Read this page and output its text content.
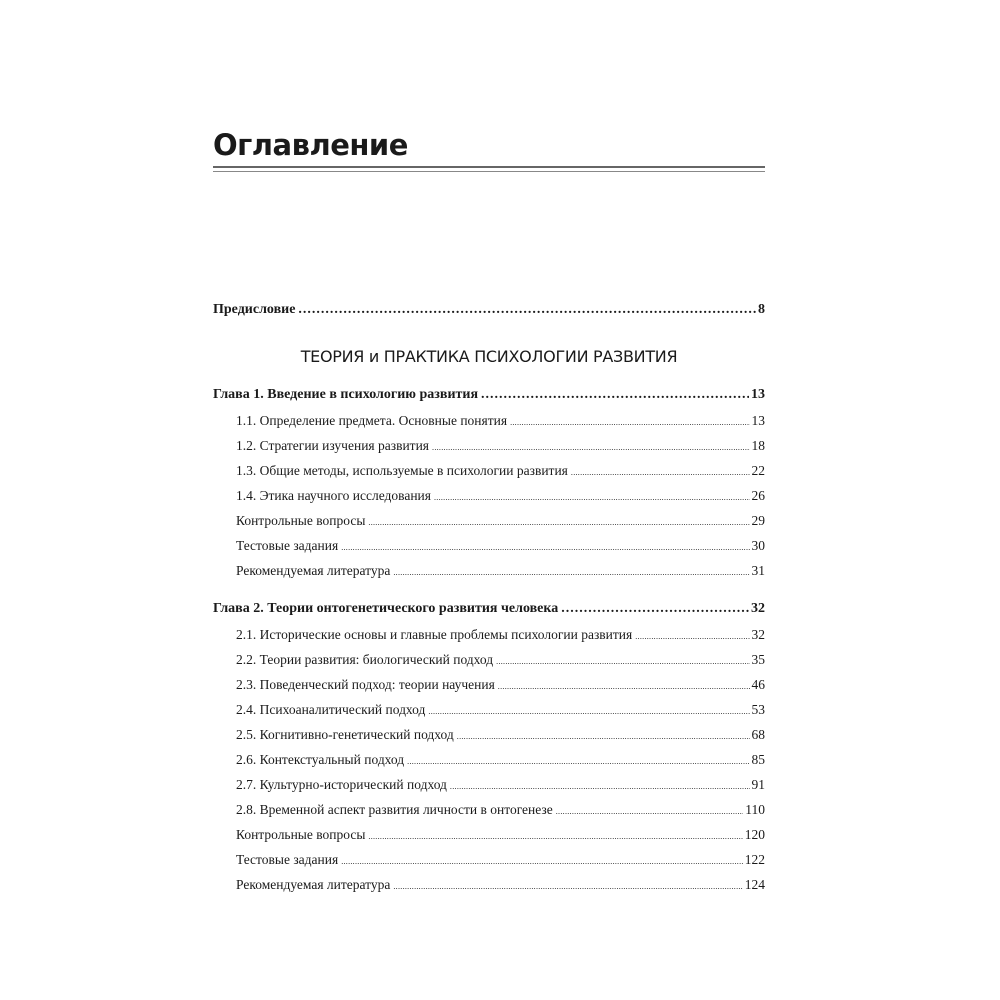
Оглавление
Предисловие .....	8
ТЕОРИЯ и ПРАКТИКА ПСИХОЛОГИИ РАЗВИТИЯ
Глава 1. Введение в психологию развития .....	13
1.1. Определение предмета. Основные понятия .....	13
1.2. Стратегии изучения развития .....	18
1.3. Общие методы, используемые в психологии развития .....	22
1.4. Этика научного исследования .....	26
Контрольные вопросы .....	29
Тестовые задания .....	30
Рекомендуемая литература .....	31
Глава 2. Теории онтогенетического развития человека .....	32
2.1. Исторические основы и главные проблемы психологии развития .....	32
2.2. Теории развития: биологический подход .....	35
2.3. Поведенческий подход: теории научения .....	46
2.4. Психоаналитический подход .....	53
2.5. Когнитивно-генетический подход .....	68
2.6. Контекстуальный подход .....	85
2.7. Культурно-исторический подход .....	91
2.8. Временной аспект развития личности в онтогенезе .....	110
Контрольные вопросы .....	120
Тестовые задания .....	122
Рекомендуемая литература .....	124
